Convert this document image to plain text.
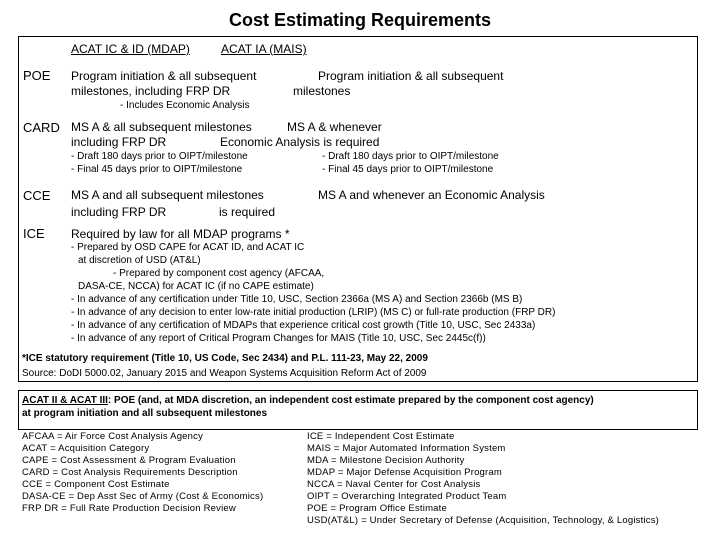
Cost Estimating Requirements
ACAT IC & ID (MDAP)	ACAT IA (MAIS)
POE Program initiation & all subsequent
milestones, including FRP DR
Program initiation & all subsequent
milestones
- Includes Economic Analysis
CARD MS A & all subsequent milestones
including FRP DR
MS A & whenever
Economic Analysis is required
- Draft 180 days prior to OIPT/milestone
- Final 45 days prior to OIPT/milestone
- Draft 180 days prior to OIPT/milestone
- Final 45 days prior to OIPT/milestone
CCE MS A and all subsequent milestones
including FRP DR
MS A and whenever an Economic Analysis
is required
ICE Required by law for all MDAP programs *
- Prepared by OSD CAPE for ACAT ID, and ACAT IC
at discretion of USD (AT&L)
- Prepared by component cost agency (AFCAA,
DASA-CE, NCCA) for ACAT IC (if no CAPE estimate)
- In advance of any certification under Title 10, USC, Section 2366a (MS A) and Section 2366b (MS B)
- In advance of any decision to enter low-rate initial production (LRIP) (MS C) or full-rate production (FRP DR)
- In advance of any certification of MDAPs that experience critical cost growth (Title 10, USC, Sec 2433a)
- In advance of any report of Critical Program Changes for MAIS (Title 10, USC, Sec 2445c(f))
*ICE statutory requirement (Title 10, US Code, Sec 2434) and P.L. 111-23, May 22, 2009
Source: DoDI 5000.02, January 2015 and Weapon Systems Acquisition Reform Act of 2009
ACAT II & ACAT III: POE (and, at MDA discretion, an independent cost estimate prepared by the component cost agency)
at program initiation and all subsequent milestones
AFCAA = Air Force Cost Analysis Agency
ACAT = Acquisition Category
CAPE = Cost Assessment & Program Evaluation
CARD = Cost Analysis Requirements Description
CCE = Component Cost Estimate
DASA-CE = Dep Asst Sec of Army (Cost & Economics)
FRP DR = Full Rate Production Decision Review
ICE = Independent Cost Estimate
MAIS = Major Automated Information System
MDA = Milestone Decision Authority
MDAP = Major Defense Acquisition Program
NCCA = Naval Center for Cost Analysis
OIPT = Overarching Integrated Product Team
POE = Program Office Estimate
USD(AT&L) = Under Secretary of Defense (Acquisition, Technology, & Logistics)
